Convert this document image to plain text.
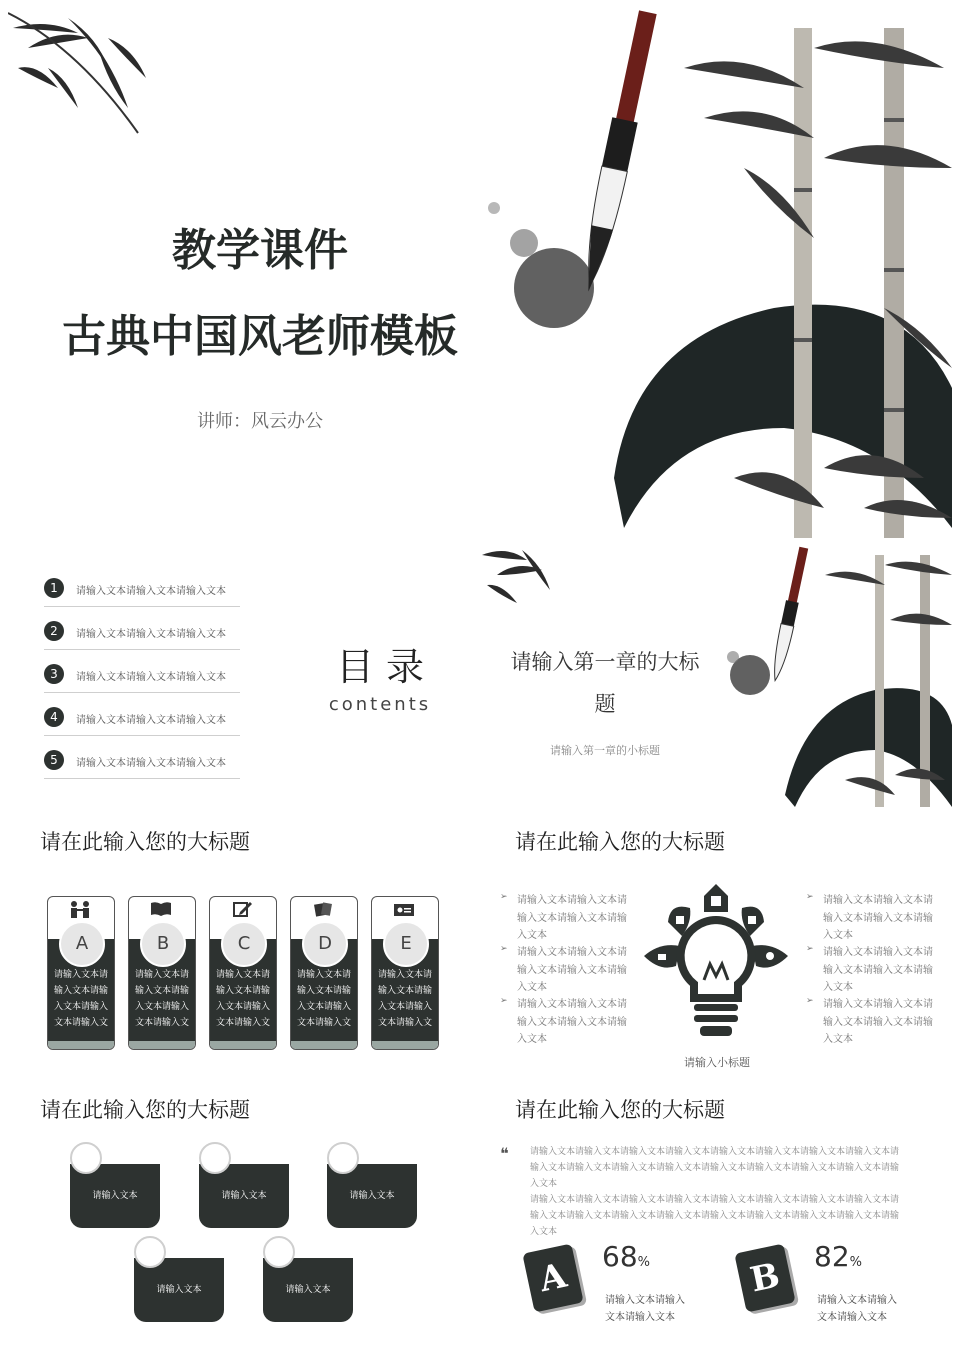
教学课件
古典中国风老师模板
讲师：风云办公
1	请输入文本请输入文本请输入文本
2	请输入文本请输入文本请输入文本
3	请输入文本请输入文本请输入文本
4	请输入文本请输入文本请输入文本
5	请输入文本请输入文本请输入文本
目 录
contents
请输入第一章的大标
题
请输入第一章的小标题
请在此输入您的大标题
A
请输入文本请输入文本请输入文本请输入文本请输入文
B
请输入文本请输入文本请输入文本请输入文本请输入文
C
请输入文本请输入文本请输入文本请输入文本请输入文
D
请输入文本请输入文本请输入文本请输入文本请输入文
E
请输入文本请输入文本请输入文本请输入文本请输入文
请在此输入您的大标题
➢ 请输入文本请输入文本请输入文本请输入文本请输入文本
➢ 请输入文本请输入文本请输入文本请输入文本请输入文本
➢ 请输入文本请输入文本请输入文本请输入文本请输入文本
请输入小标题
➢ 请输入文本请输入文本请输入文本请输入文本请输入文本
➢ 请输入文本请输入文本请输入文本请输入文本请输入文本
➢ 请输入文本请输入文本请输入文本请输入文本请输入文本
请在此输入您的大标题
请输入文本	请输入文本	请输入文本
请输入文本	请输入文本
请在此输入您的大标题
❝ 请输入文本请输入文本请输入文本请输入文本请输入文本请输入文本请输入文本请输入文本请输入文本请输入文本请输入文本请输入文本请输入文本请输入文本请输入文本请输入文本请输入文本
请输入文本请输入文本请输入文本请输入文本请输入文本请输入文本请输入文本请输入文本请输入文本请输入文本请输入文本请输入文本请输入文本请输入文本请输入文本请输入文本请输入文本
A	68%
请输入文本请输入
文本请输入文本
B	82%
请输入文本请输入
文本请输入文本
